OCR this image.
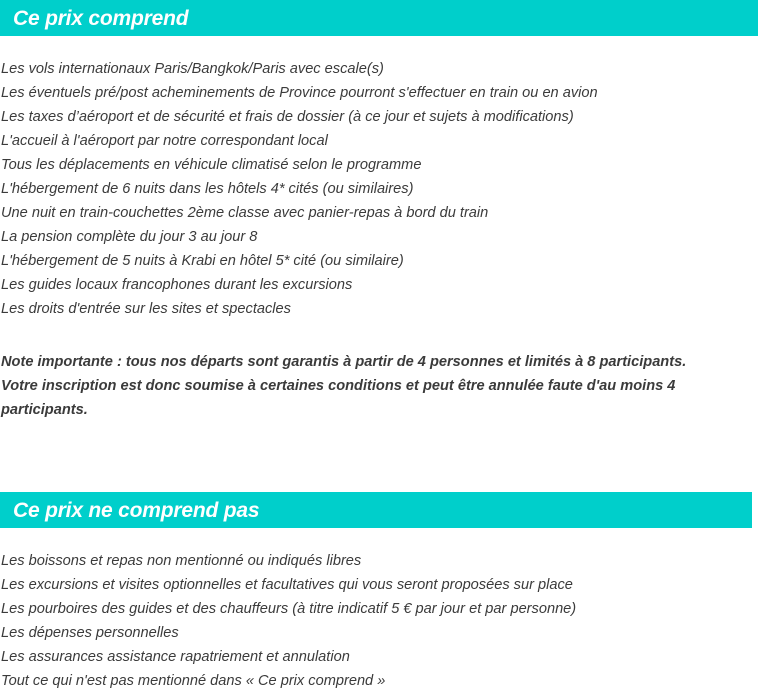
Ce prix comprend
Les vols internationaux Paris/Bangkok/Paris avec escale(s)
Les éventuels pré/post acheminements de Province pourront s'effectuer en train ou en avion
Les taxes d’aéroport et de sécurité et frais de dossier (à ce jour et sujets à modifications)
L'accueil à l'aéroport par notre correspondant local
Tous les déplacements en véhicule climatisé selon le programme
L'hébergement de 6 nuits dans les hôtels 4* cités (ou similaires)
Une nuit en train-couchettes 2ème classe avec panier-repas à bord du train
La pension complète du jour 3 au jour 8
L'hébergement de 5 nuits à Krabi en hôtel 5* cité (ou similaire)
Les guides locaux francophones durant les excursions
Les droits d'entrée sur les sites et spectacles

Note importante : tous nos départs sont garantis à partir de 4 personnes et limités à 8 participants. Votre inscription est donc soumise à certaines conditions et peut être annulée faute d'au moins 4 participants.

Ce prix ne comprend pas
Les boissons et repas non mentionné ou indiqués libres
Les excursions et visites optionnelles et facultatives qui vous seront proposées sur place
Les pourboires des guides et des chauffeurs (à titre indicatif 5 € par jour et par personne)
Les dépenses personnelles
Les assurances assistance rapatriement et annulation
Tout ce qui n'est pas mentionné dans « Ce prix comprend »
